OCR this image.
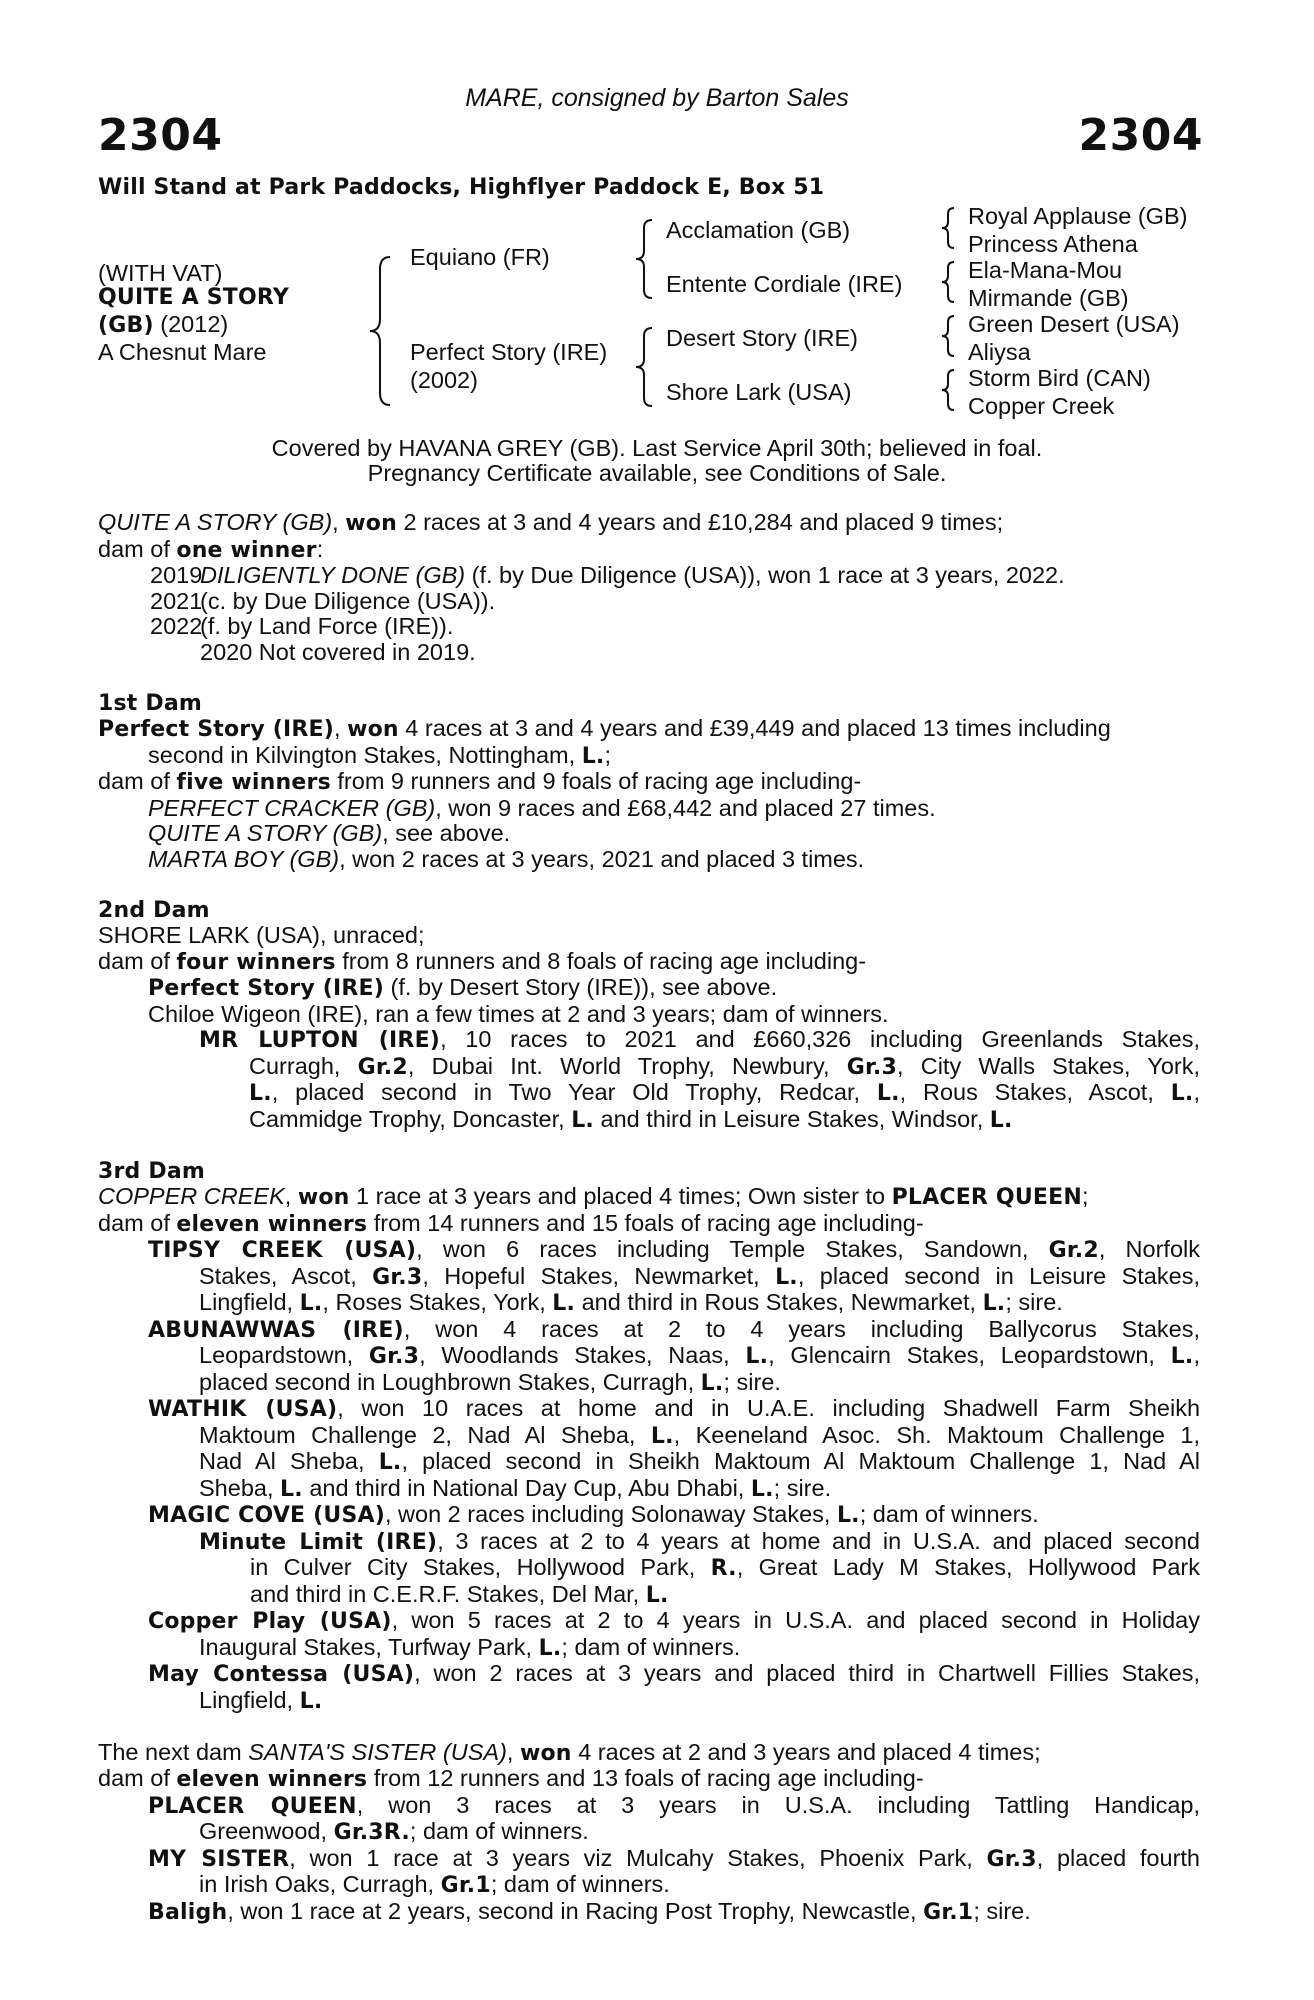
MARE, consigned by Barton Sales
2304	2304
Will Stand at Park Paddocks, Highflyer Paddock E, Box 51
(WITH VAT)
QUITE A STORY
(GB) (2012)
A Chesnut Mare
Equiano (FR)
Perfect Story (IRE)
(2002)
Acclamation (GB)
Entente Cordiale (IRE)
Desert Story (IRE)
Shore Lark (USA)
Royal Applause (GB)
Princess Athena
Ela-Mana-Mou
Mirmande (GB)
Green Desert (USA)
Aliysa
Storm Bird (CAN)
Copper Creek
Covered by HAVANA GREY (GB). Last Service April 30th; believed in foal.
Pregnancy Certificate available, see Conditions of Sale.
QUITE A STORY (GB), won 2 races at 3 and 4 years and £10,284 and placed 9 times;
dam of one winner:
2019DILIGENTLY DONE (GB) (f. by Due Diligence (USA)), won 1 race at 3 years, 2022.
2021(c. by Due Diligence (USA)).
2022(f. by Land Force (IRE)).
2020 Not covered in 2019.
1st Dam
Perfect Story (IRE), won 4 races at 3 and 4 years and £39,449 and placed 13 times including
second in Kilvington Stakes, Nottingham, L.;
dam of five winners from 9 runners and 9 foals of racing age including-
PERFECT CRACKER (GB), won 9 races and £68,442 and placed 27 times.
QUITE A STORY (GB), see above.
MARTA BOY (GB), won 2 races at 3 years, 2021 and placed 3 times.
2nd Dam
SHORE LARK (USA), unraced;
dam of four winners from 8 runners and 8 foals of racing age including-
Perfect Story (IRE) (f. by Desert Story (IRE)), see above.
Chiloe Wigeon (IRE), ran a few times at 2 and 3 years; dam of winners.
MR LUPTON (IRE), 10 races to 2021 and £660,326 including Greenlands Stakes,
Curragh, Gr.2, Dubai Int. World Trophy, Newbury, Gr.3, City Walls Stakes, York,
L., placed second in Two Year Old Trophy, Redcar, L., Rous Stakes, Ascot, L.,
Cammidge Trophy, Doncaster, L. and third in Leisure Stakes, Windsor, L.
3rd Dam
COPPER CREEK, won 1 race at 3 years and placed 4 times; Own sister to PLACER QUEEN;
dam of eleven winners from 14 runners and 15 foals of racing age including-
TIPSY CREEK (USA), won 6 races including Temple Stakes, Sandown, Gr.2, Norfolk
Stakes, Ascot, Gr.3, Hopeful Stakes, Newmarket, L., placed second in Leisure Stakes,
Lingfield, L., Roses Stakes, York, L. and third in Rous Stakes, Newmarket, L.; sire.
ABUNAWWAS (IRE), won 4 races at 2 to 4 years including Ballycorus Stakes,
Leopardstown, Gr.3, Woodlands Stakes, Naas, L., Glencairn Stakes, Leopardstown, L.,
placed second in Loughbrown Stakes, Curragh, L.; sire.
WATHIK (USA), won 10 races at home and in U.A.E. including Shadwell Farm Sheikh
Maktoum Challenge 2, Nad Al Sheba, L., Keeneland Asoc. Sh. Maktoum Challenge 1,
Nad Al Sheba, L., placed second in Sheikh Maktoum Al Maktoum Challenge 1, Nad Al
Sheba, L. and third in National Day Cup, Abu Dhabi, L.; sire.
MAGIC COVE (USA), won 2 races including Solonaway Stakes, L.; dam of winners.
Minute Limit (IRE), 3 races at 2 to 4 years at home and in U.S.A. and placed second
in Culver City Stakes, Hollywood Park, R., Great Lady M Stakes, Hollywood Park
and third in C.E.R.F. Stakes, Del Mar, L.
Copper Play (USA), won 5 races at 2 to 4 years in U.S.A. and placed second in Holiday
Inaugural Stakes, Turfway Park, L.; dam of winners.
May Contessa (USA), won 2 races at 3 years and placed third in Chartwell Fillies Stakes,
Lingfield, L.
The next dam SANTA'S SISTER (USA), won 4 races at 2 and 3 years and placed 4 times;
dam of eleven winners from 12 runners and 13 foals of racing age including-
PLACER QUEEN, won 3 races at 3 years in U.S.A. including Tattling Handicap,
Greenwood, Gr.3R.; dam of winners.
MY SISTER, won 1 race at 3 years viz Mulcahy Stakes, Phoenix Park, Gr.3, placed fourth
in Irish Oaks, Curragh, Gr.1; dam of winners.
Baligh, won 1 race at 2 years, second in Racing Post Trophy, Newcastle, Gr.1; sire.
